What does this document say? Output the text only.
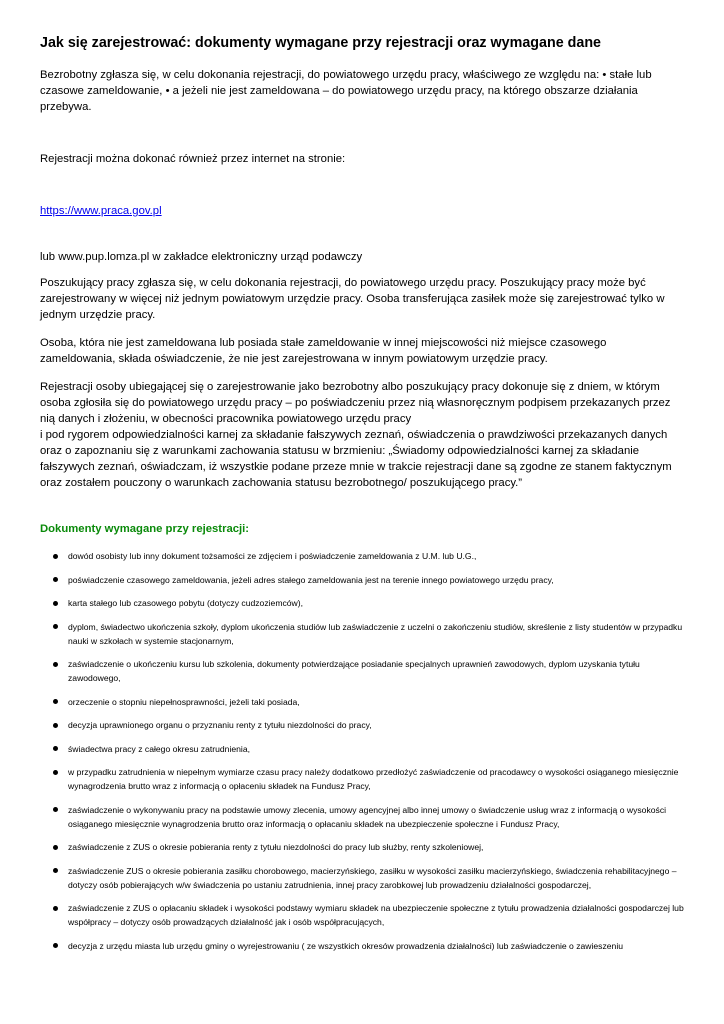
Jak się zarejestrować: dokumenty wymagane przy rejestracji oraz wymagane dane

Bezrobotny zgłasza się, w celu dokonania rejestracji, do powiatowego urzędu pracy, właściwego ze względu na: • stałe lub czasowe zameldowanie, • a jeżeli nie jest zameldowana – do powiatowego urzędu pracy, na którego obszarze działania przebywa.

Rejestracji można dokonać również przez internet na stronie:

https://www.praca.gov.pl

lub www.pup.lomza.pl w zakładce elektroniczny urząd podawczy

Poszukujący pracy zgłasza się, w celu dokonania rejestracji, do powiatowego urzędu pracy. Poszukujący pracy może być zarejestrowany w więcej niż jednym powiatowym urzędzie pracy. Osoba transferująca zasiłek może się zarejestrować tylko w jednym urzędzie pracy.

Osoba, która nie jest zameldowana lub posiada stałe zameldowanie w innej miejscowości niż miejsce czasowego zameldowania, składa oświadczenie, że nie jest zarejestrowana w innym powiatowym urzędzie pracy.

Rejestracji osoby ubiegającej się o zarejestrowanie jako bezrobotny albo poszukujący pracy dokonuje się z dniem, w którym osoba zgłosiła się do powiatowego urzędu pracy – po poświadczeniu przez nią własnoręcznym podpisem przekazanych przez nią danych i złożeniu, w obecności pracownika powiatowego urzędu pracy

i pod rygorem odpowiedzialności karnej za składanie fałszywych zeznań, oświadczenia o prawdziwości przekazanych danych oraz o zapoznaniu się z warunkami zachowania statusu w brzmieniu: „Świadomy odpowiedzialności karnej za składanie fałszywych zeznań, oświadczam, iż wszystkie podane przeze mnie w trakcie rejestracji dane są zgodne ze stanem faktycznym oraz zostałem pouczony o warunkach zachowania statusu bezrobotnego/ poszukującego pracy.”

Dokumenty wymagane przy rejestracji:
dowód osobisty lub inny dokument tożsamości ze zdjęciem i poświadczenie zameldowania z U.M. lub U.G.,
poświadczenie czasowego zameldowania, jeżeli adres stałego zameldowania jest na terenie innego powiatowego urzędu pracy,
karta stałego lub czasowego pobytu (dotyczy cudzoziemców),
dyplom, świadectwo ukończenia szkoły, dyplom ukończenia studiów lub zaświadczenie z uczelni o zakończeniu studiów, skreślenie z listy studentów w przypadku nauki w szkołach w systemie stacjonarnym,
zaświadczenie o ukończeniu kursu lub szkolenia, dokumenty potwierdzające posiadanie specjalnych uprawnień zawodowych, dyplom uzyskania tytułu zawodowego,
orzeczenie o stopniu niepełnosprawności, jeżeli taki posiada,
decyzja uprawnionego organu o przyznaniu renty z tytułu niezdolności do pracy,
świadectwa pracy z całego okresu zatrudnienia,
w przypadku zatrudnienia w niepełnym wymiarze czasu pracy należy dodatkowo przedłożyć zaświadczenie od pracodawcy o wysokości osiąganego miesięcznie wynagrodzenia brutto wraz z informacją o opłaceniu składek na Fundusz Pracy,
zaświadczenie o wykonywaniu pracy na podstawie umowy zlecenia, umowy agencyjnej albo innej umowy o świadczenie usług wraz z informacją o wysokości osiąganego miesięcznie wynagrodzenia brutto oraz informacją o opłacaniu składek na ubezpieczenie społeczne i Fundusz Pracy,
zaświadczenie z ZUS o okresie pobierania renty z tytułu niezdolności do pracy lub służby, renty szkoleniowej,
zaświadczenie ZUS o okresie pobierania zasiłku chorobowego, macierzyńskiego, zasiłku w wysokości zasiłku macierzyńskiego, świadczenia rehabilitacyjnego – dotyczy osób pobierających w/w świadczenia po ustaniu zatrudnienia, innej pracy zarobkowej lub prowadzeniu działalności gospodarczej,
zaświadczenie z ZUS o opłacaniu składek i wysokości podstawy wymiaru składek na ubezpieczenie społeczne z tytułu prowadzenia działalności gospodarczej lub współpracy – dotyczy osób prowadzących działalność jak i osób współpracujących,
decyzja z urzędu miasta lub urzędu gminy o wyrejestrowaniu ( ze wszystkich okresów prowadzenia działalności) lub zaświadczenie o zawieszeniu
